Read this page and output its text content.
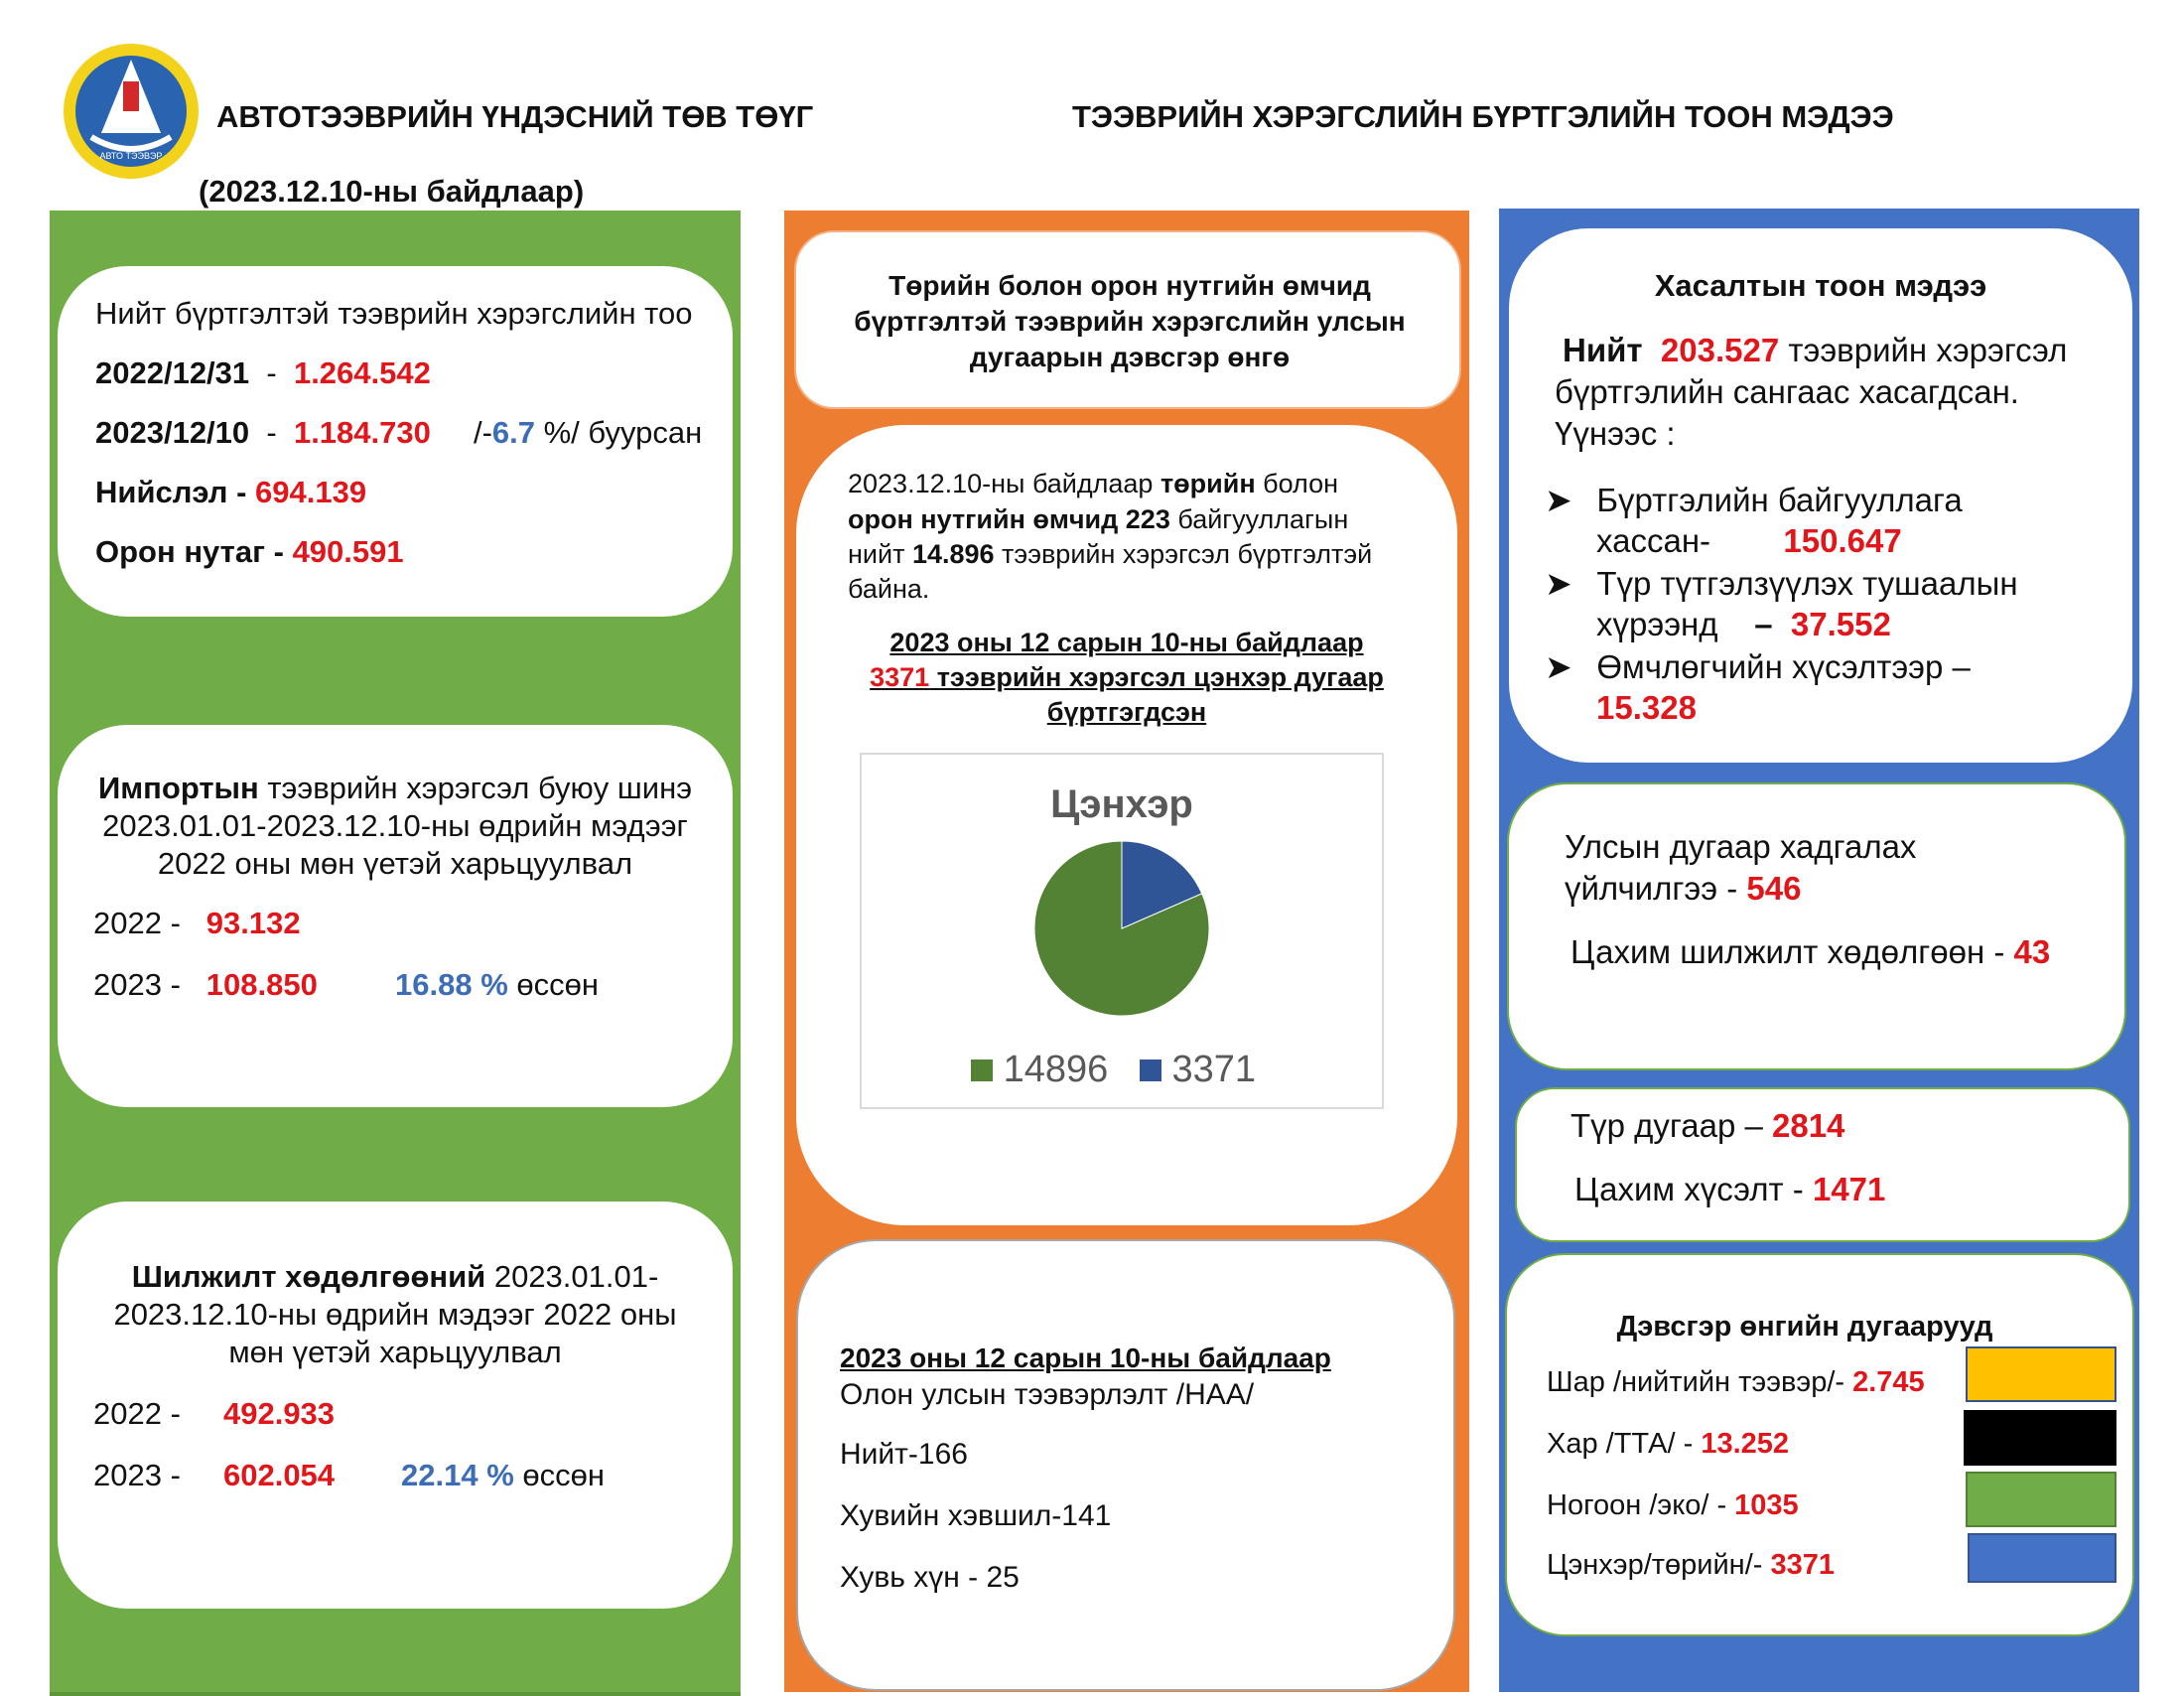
АВТО ТЭЭВЭР
АВТОТЭЭВРИЙН ҮНДЭСНИЙ ТӨВ ТӨҮГ	ТЭЭВРИЙН ХЭРЭГСЛИЙН БҮРТГЭЛИЙН ТООН МЭДЭЭ
(2023.12.10-ны байдлаар)
Нийт бүртгэлтэй тээврийн хэрэгслийн тоо
2022/12/31 - 1.264.542
2023/12/10 - 1.184.730 /-6.7 %/ буурсан
Нийслэл - 694.139
Орон нутаг - 490.591
Импортын тээврийн хэрэгсэл буюу шинэ
2023.01.01-2023.12.10-ны өдрийн мэдээг
2022 оны мөн үетэй харьцуулвал
2022 - 93.132
2023 - 108.850	16.88 % өссөн
Шилжилт хөдөлгөөний 2023.01.01-
2023.12.10-ны өдрийн мэдээг 2022 оны
мөн үетэй харьцуулвал
2022 - 492.933
2023 - 602.054 22.14 % өссөн
Төрийн болон орон нутгийн өмчид
бүртгэлтэй тээврийн хэрэгслийн улсын
дугаарын дэвсгэр өнгө
2023.12.10-ны байдлаар төрийн болон
орон нутгийн өмчид 223 байгууллагын
нийт 14.896 тээврийн хэрэгсэл бүртгэлтэй
байна.
2023 оны 12 сарын 10-ны байдлаар
3371 тээврийн хэрэгсэл цэнхэр дугаар
бүртгэгдсэн
Цэнхэр
14896 3371
2023 оны 12 сарын 10-ны байдлаар
Олон улсын тээвэрлэлт /НАА/
Нийт-166
Хувийн хэвшил-141
Хувь хүн - 25
Хасалтын тоон мэдээ
Нийт 203.527 тээврийн хэрэгсэл
бүртгэлийн сангаас хасагдсан.
Үүнээс :
➤ Бүртгэлийн байгууллага
хассан- 150.647
➤ Түр түтгэлзүүлэх тушаалын
хүрээнд – 37.552
➤ Өмчлөгчийн хүсэлтээр –
15.328
Улсын дугаар хадгалах
үйлчилгээ - 546
Цахим шилжилт хөдөлгөөн - 43
Түр дугаар – 2814
Цахим хүсэлт - 1471
Дэвсгэр өнгийн дугаарууд
Шар /нийтийн тээвэр/- 2.745
Хар /ТТА/ - 13.252
Ногоон /эко/ - 1035
Цэнхэр/төрийн/- 3371
